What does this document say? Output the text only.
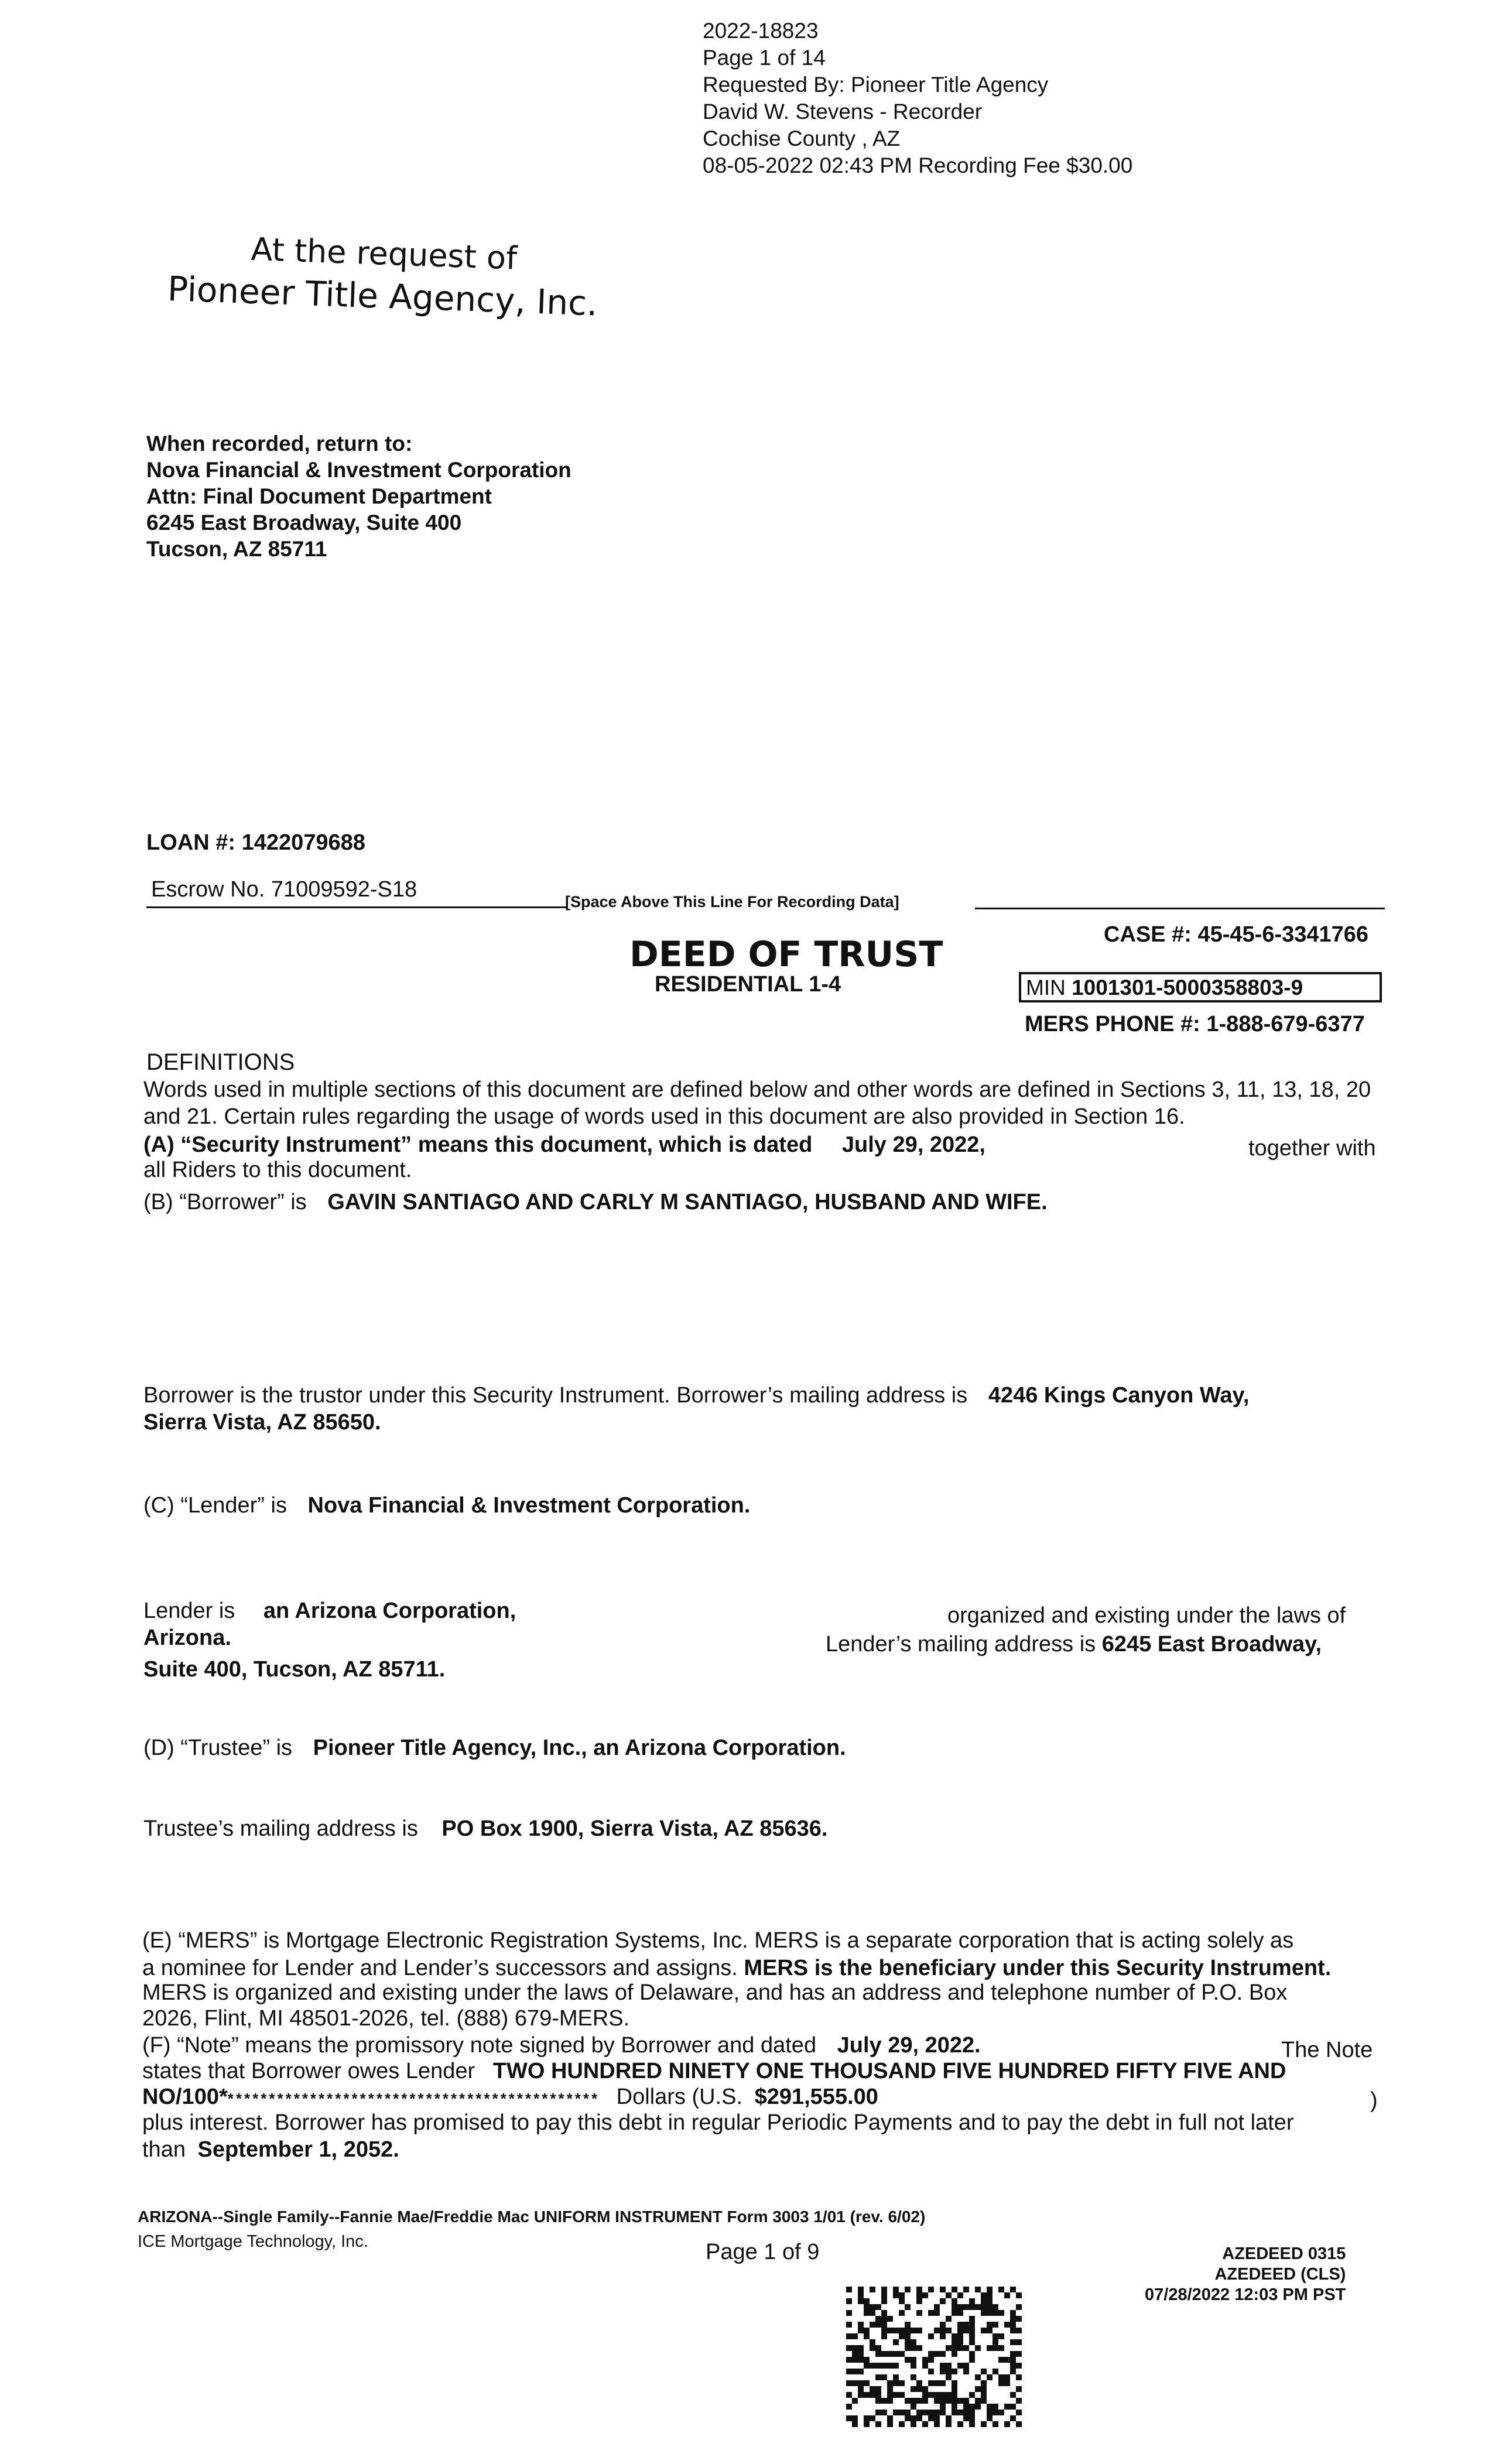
2022-18823
Page 1 of 14
Requested By: Pioneer Title Agency
David W. Stevens - Recorder
Cochise County , AZ
08-05-2022 02:43 PM Recording Fee $30.00
At the request of
Pioneer Title Agency, Inc.
When recorded, return to:
Nova Financial & Investment Corporation
Attn: Final Document Department
6245 East Broadway, Suite 400
Tucson, AZ 85711
LOAN #: 1422079688
Escrow No. 71009592-S18	[Space Above This Line For Recording Data]
DEED OF TRUST
RESIDENTIAL 1-4
CASE #: 45-45-6-3341766
MIN 1001301-5000358803-9
MERS PHONE #: 1-888-679-6377
DEFINITIONS
Words used in multiple sections of this document are defined below and other words are defined in Sections 3, 11, 13, 18, 20 and 21. Certain rules regarding the usage of words used in this document are also provided in Section 16.
(A) “Security Instrument” means this document, which is dated July 29, 2022,	together with
all Riders to this document.
(B) “Borrower” is GAVIN SANTIAGO AND CARLY M SANTIAGO, HUSBAND AND WIFE.
Borrower is the trustor under this Security Instrument. Borrower’s mailing address is 4246 Kings Canyon Way,
Sierra Vista, AZ 85650.
(C) “Lender” is Nova Financial & Investment Corporation.
Lender is an Arizona Corporation,	organized and existing under the laws of
Arizona.	Lender’s mailing address is 6245 East Broadway,
Suite 400, Tucson, AZ 85711.
(D) “Trustee” is Pioneer Title Agency, Inc., an Arizona Corporation.
Trustee’s mailing address is PO Box 1900, Sierra Vista, AZ 85636.
(E) “MERS” is Mortgage Electronic Registration Systems, Inc. MERS is a separate corporation that is acting solely as
a nominee for Lender and Lender’s successors and assigns. MERS is the beneficiary under this Security Instrument.
MERS is organized and existing under the laws of Delaware, and has an address and telephone number of P.O. Box
2026, Flint, MI 48501-2026, tel. (888) 679-MERS.
(F) “Note” means the promissory note signed by Borrower and dated July 29, 2022.	The Note
states that Borrower owes Lender TWO HUNDRED NINETY ONE THOUSAND FIVE HUNDRED FIFTY FIVE AND
NO/100********************************************** Dollars (U.S. $291,555.00	)
plus interest. Borrower has promised to pay this debt in regular Periodic Payments and to pay the debt in full not later
than September 1, 2052.
ARIZONA--Single Family--Fannie Mae/Freddie Mac UNIFORM INSTRUMENT Form 3003 1/01 (rev. 6/02)
ICE Mortgage Technology, Inc.	Page 1 of 9	AZEDEED 0315
AZEDEED (CLS)
07/28/2022 12:03 PM PST
